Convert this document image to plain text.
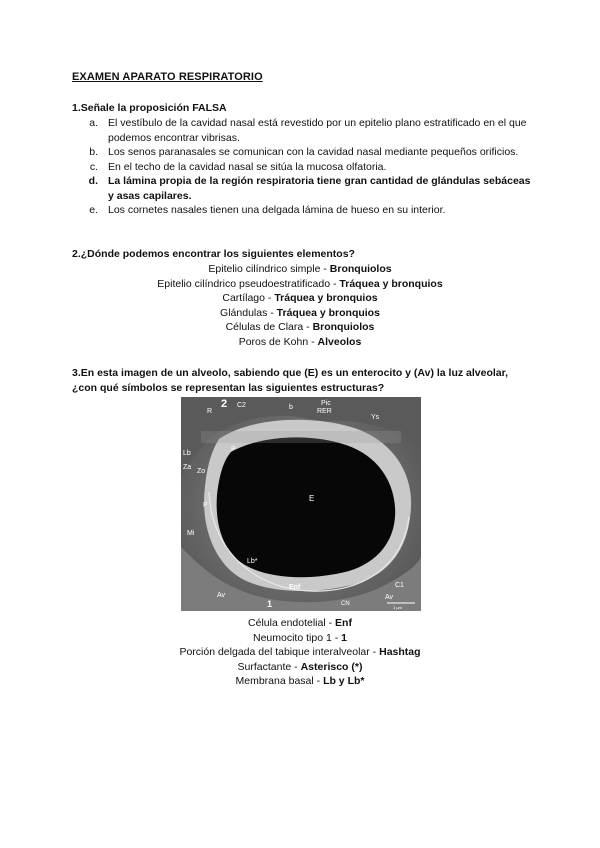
EXAMEN APARATO RESPIRATORIO
1.Señale la proposición FALSA
a. El vestíbulo de la cavidad nasal está revestido por un epitelio plano estratificado en el que podemos encontrar vibrisas.
b. Los senos paranasales se comunican con la cavidad nasal mediante pequeños orificios.
c. En el techo de la cavidad nasal se sitúa la mucosa olfatoria.
d. La lámina propia de la región respiratoria tiene gran cantidad de glándulas sebáceas y asas capilares.
e. Los cornetes nasales tienen una delgada lámina de hueso en su interior.
2.¿Dónde podemos encontrar los siguientes elementos?
Epitelio cilíndrico simple - Bronquiolos
Epitelio cilíndrico pseudoestratificado - Tráquea y bronquios
Cartílago - Tráquea y bronquios
Glándulas - Tráquea y bronquios
Células de Clara - Bronquiolos
Poros de Kohn - Alveolos
3.En esta imagen de un alveolo, sabiendo que (E) es un enterocito y (Av) la luz alveolar, ¿con qué símbolos se representan las siguientes estructuras?
2 C2	b
Pic
RER
Ys
R
P
Lb
Zo
Za
P
E
Mi
Lb*
Enf	C1
Av	Av
1	CN
1 µm
Célula endotelial - Enf
Neumocito tipo 1 - 1
Porción delgada del tabique interalveolar - Hashtag
Surfactante - Asterisco (*)
Membrana basal - Lb y Lb*
